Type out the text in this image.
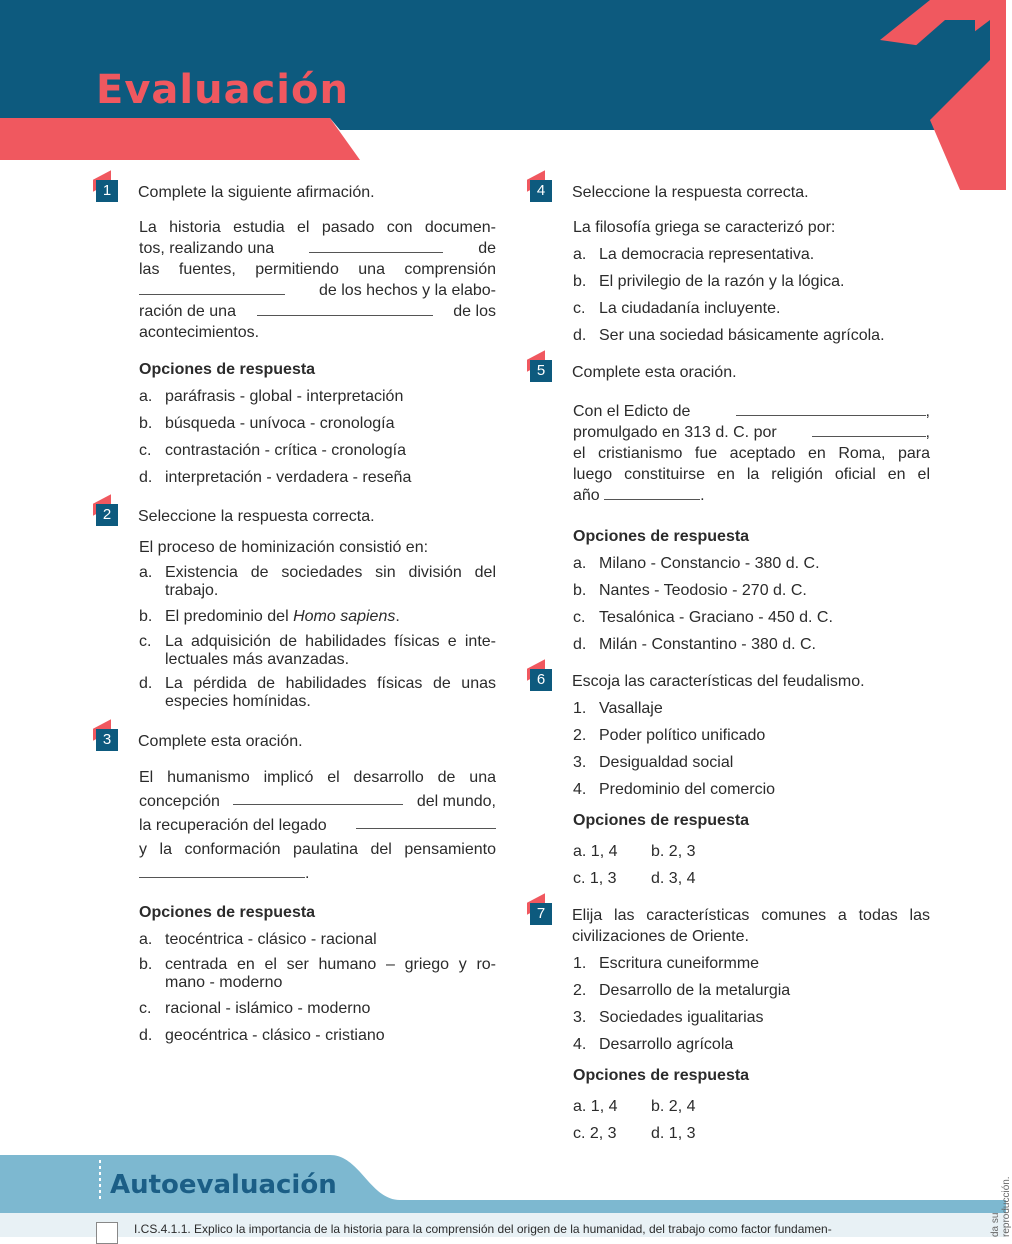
Evaluación
1	Complete la siguiente afirmación.
La historia estudia el pasado con documen-
tos, realizando una	de
las fuentes, permitiendo una comprensión
de los hechos y la elabo-
ración de una	de los
acontecimientos.
Opciones de respuesta
a. paráfrasis - global - interpretación
b. búsqueda - unívoca - cronología
c. contrastación - crítica - cronología
d. interpretación - verdadera - reseña
2	Seleccione la respuesta correcta.
El proceso de hominización consistió en:
a. Existencia de sociedades sin división del trabajo.
b. El predominio del Homo sapiens.
c. La adquisición de habilidades físicas e inte- lectuales más avanzadas.
d. La pérdida de habilidades físicas de unas especies homínidas.
3	Complete esta oración.
El humanismo implicó el desarrollo de una
concepción	del mundo,
la recuperación del legado
y la conformación paulatina del pensamiento
.
Opciones de respuesta
a. teocéntrica - clásico - racional
b. centrada en el ser humano – griego y ro- mano - moderno
c. racional - islámico - moderno
d. geocéntrica - clásico - cristiano
4	Seleccione la respuesta correcta.
La filosofía griega se caracterizó por:
a. La democracia representativa.
b. El privilegio de la razón y la lógica.
c. La ciudadanía incluyente.
d. Ser una sociedad básicamente agrícola.
5	Complete esta oración.
Con el Edicto de	,
promulgado en 313 d. C. por	,
el cristianismo fue aceptado en Roma, para
luego constituirse en la religión oficial en el
año	.
Opciones de respuesta
a. Milano - Constancio - 380 d. C.
b. Nantes - Teodosio - 270 d. C.
c. Tesalónica - Graciano - 450 d. C.
d. Milán - Constantino - 380 d. C.
6	Escoja las características del feudalismo.
1. Vasallaje
2. Poder político unificado
3. Desigualdad social
4. Predominio del comercio
Opciones de respuesta
a. 1, 4	b. 2, 3
c. 1, 3	d. 3, 4
7	Elija las características comunes a todas las civilizaciones de Oriente.
1. Escritura cuneiformme
2. Desarrollo de la metalurgia
3. Sociedades igualitarias
4. Desarrollo agrícola
Opciones de respuesta
a. 1, 4	b. 2, 4
c. 2, 3	d. 1, 3
Autoevaluación
I.CS.4.1.1. Explico la importancia de la historia para la comprensión del origen de la humanidad, del trabajo como factor fundamen-	da su reproducción.
